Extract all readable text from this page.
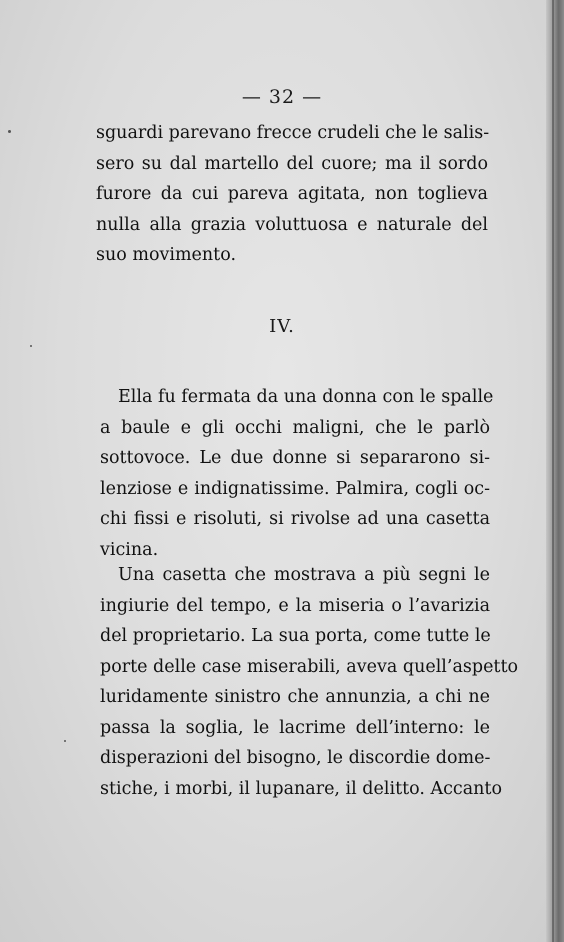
— 32 —
sguardi parevano frecce crudeli che le salis-
sero su dal martello del cuore; ma il sordo
furore da cui pareva agitata, non toglieva
nulla alla grazia voluttuosa e naturale del
suo movimento.
IV.
Ella fu fermata da una donna con le spalle
a baule e gli occhi maligni, che le parlò
sottovoce. Le due donne si separarono si-
lenziose e indignatissime. Palmira, cogli oc-
chi fissi e risoluti, si rivolse ad una casetta
vicina.
Una casetta che mostrava a più segni le
ingiurie del tempo, e la miseria o l’avarizia
del proprietario. La sua porta, come tutte le
porte delle case miserabili, aveva quell’aspetto
luridamente sinistro che annunzia, a chi ne
passa la soglia, le lacrime dell’interno: le
disperazioni del bisogno, le discordie dome-
stiche, i morbi, il lupanare, il delitto. Accanto
